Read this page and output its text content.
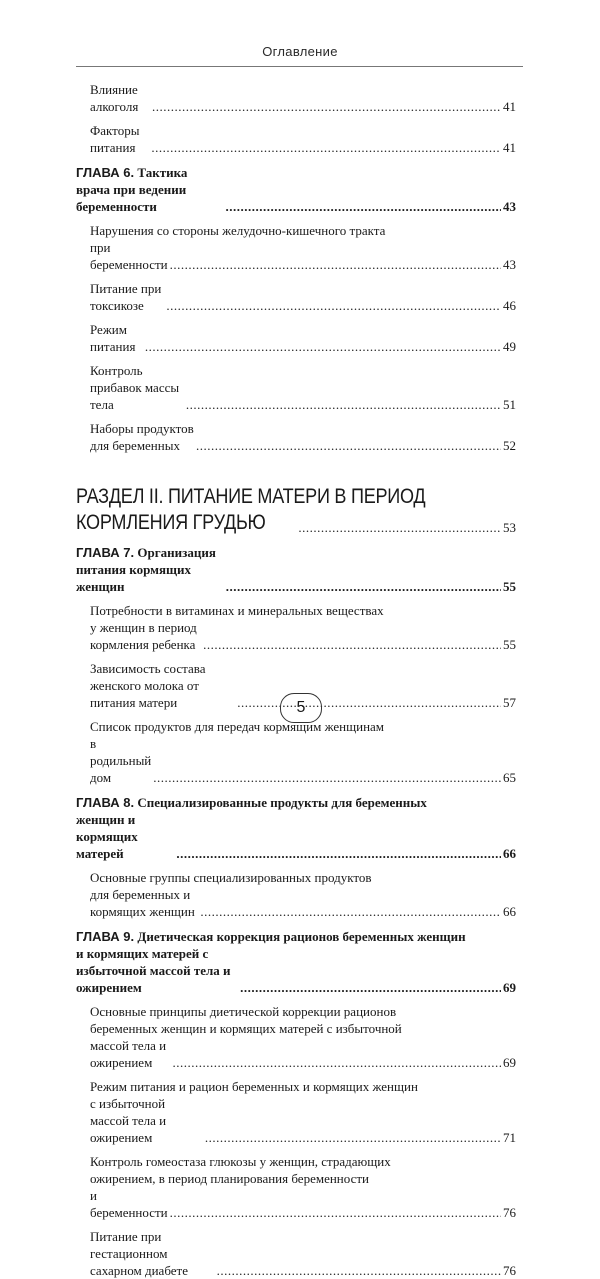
Оглавление
Влияние алкоголя .....	41
Факторы питания .....	41
ГЛАВА 6. Тактика врача при ведении беременности .....	43
Нарушения со стороны желудочно-кишечного тракта
при беременности .....	43
Питание при токсикозе .....	46
Режим питания .....	49
Контроль прибавок массы тела .....	51
Наборы продуктов для беременных .....	52
РАЗДЕЛ II. ПИТАНИЕ МАТЕРИ В ПЕРИОД
КОРМЛЕНИЯ ГРУДЬЮ .....	53
ГЛАВА 7. Организация питания кормящих женщин .....	55
Потребности в витаминах и минеральных веществах
у женщин в период кормления ребенка .....	55
Зависимость состава женского молока от питания матери .....	57
Список продуктов для передач кормящим женщинам
в родильный дом .....	65
ГЛАВА 8. Специализированные продукты для беременных
женщин и кормящих матерей .....	66
Основные группы специализированных продуктов
для беременных и кормящих женщин .....	66
ГЛАВА 9. Диетическая коррекция рационов беременных женщин
и кормящих матерей с избыточной массой тела и ожирением .....	69
Основные принципы диетической коррекции рационов
беременных женщин и кормящих матерей с избыточной
массой тела и ожирением .....	69
Режим питания и рацион беременных и кормящих женщин
с избыточной массой тела и ожирением .....	71
Контроль гомеостаза глюкозы у женщин, страдающих
ожирением, в период планирования беременности
и беременности .....	76
Питание при гестационном сахарном диабете .....	76
5
